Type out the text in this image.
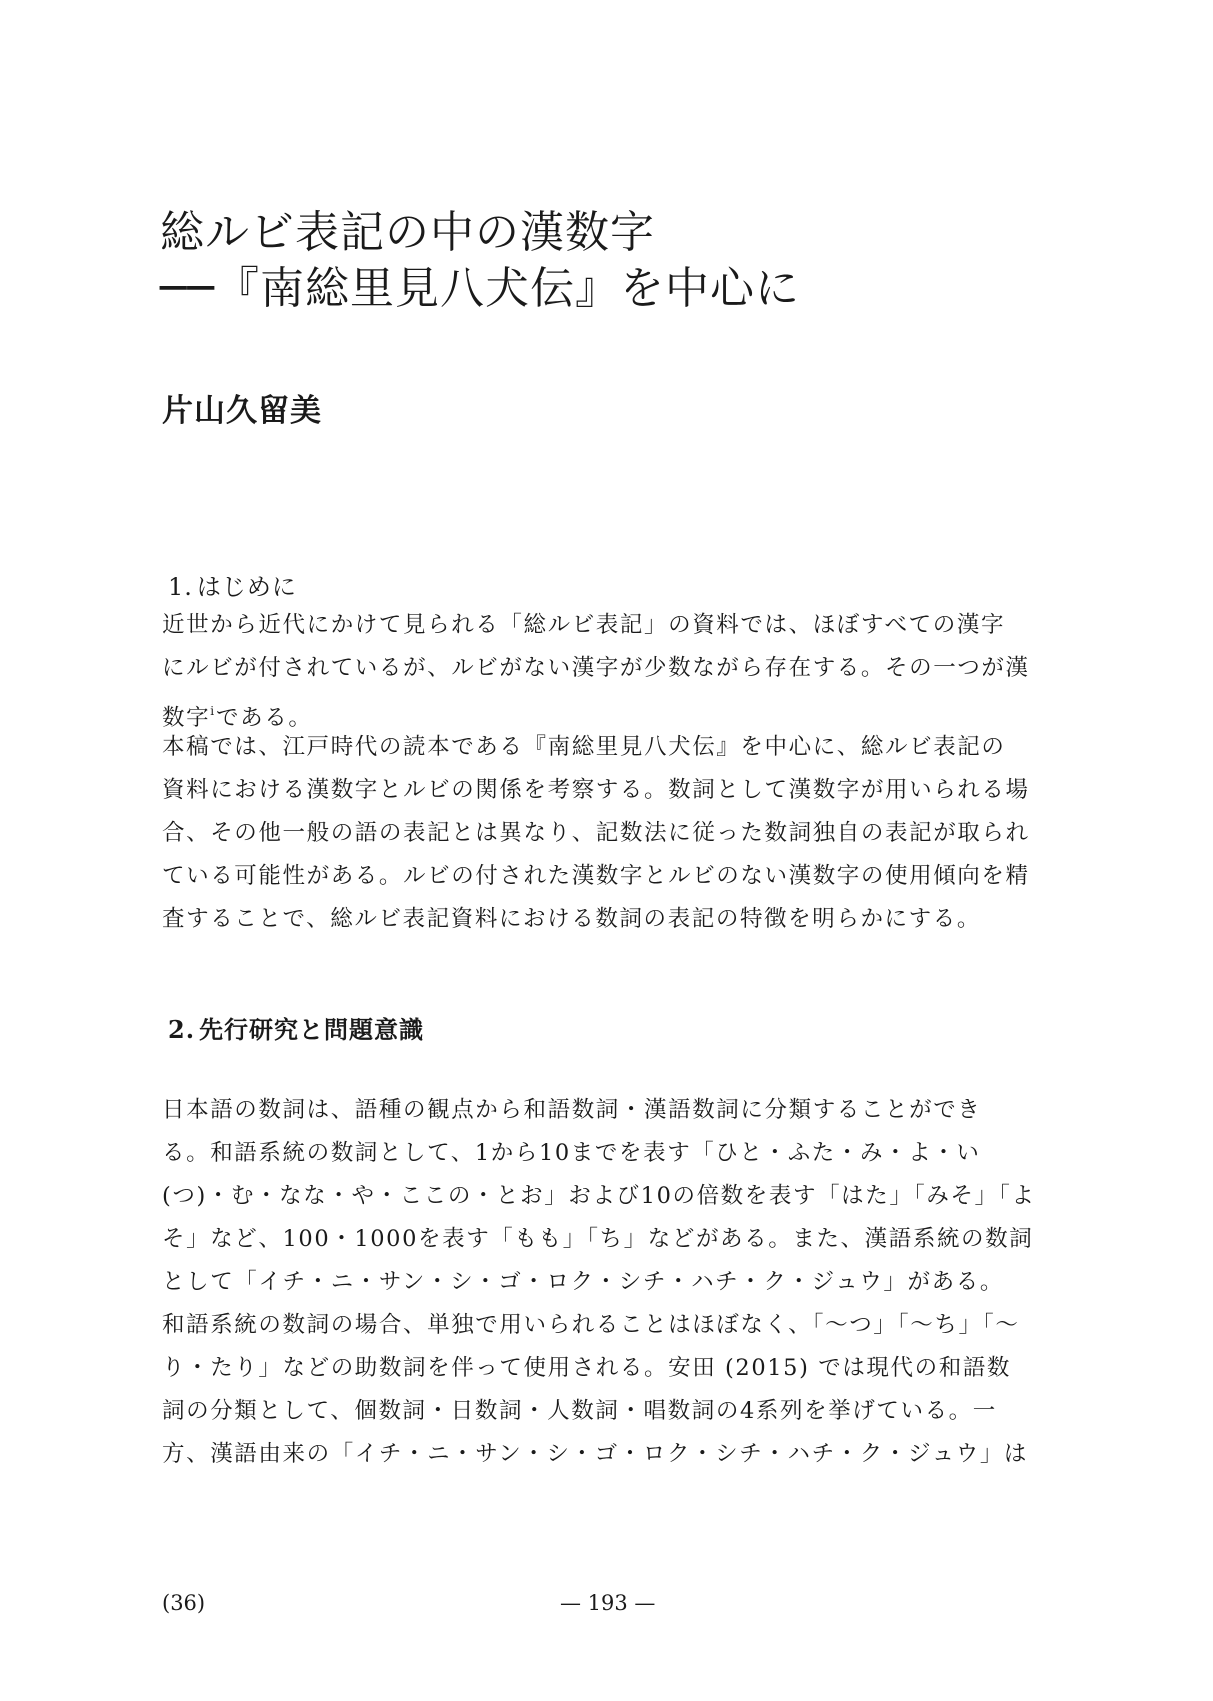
総ルビ表記の中の漢数字
──『南総里見八犬伝』を中心に
片山久留美
1. はじめに

近世から近代にかけて見られる「総ルビ表記」の資料では、ほぼすべての漢字
にルビが付されているが、ルビがない漢字が少数ながら存在する。その一つが漢
数字$^i$である。

本稿では、江戸時代の読本である『南総里見八犬伝』を中心に、総ルビ表記の
資料における漢数字とルビの関係を考察する。数詞として漢数字が用いられる場
合、その他一般の語の表記とは異なり、記数法に従った数詞独自の表記が取られ
ている可能性がある。ルビの付された漢数字とルビのない漢数字の使用傾向を精
査することで、総ルビ表記資料における数詞の表記の特徴を明らかにする。

2. 先行研究と問題意識

日本語の数詞は、語種の観点から和語数詞・漢語数詞に分類することができ
る。和語系統の数詞として、1から10までを表す「ひと・ふた・み・よ・い
(つ)・む・なな・や・ここの・とお」および10の倍数を表す「はた」「みそ」「よ
そ」など、100・1000を表す「もも」「ち」などがある。また、漢語系統の数詞
として「イチ・ニ・サン・シ・ゴ・ロク・シチ・ハチ・ク・ジュウ」がある。
和語系統の数詞の場合、単独で用いられることはほぼなく、「〜つ」「〜ち」「〜
り・たり」などの助数詞を伴って使用される。安田 (2015) では現代の和語数
詞の分類として、個数詞・日数詞・人数詞・唱数詞の4系列を挙げている。一
方、漢語由来の「イチ・ニ・サン・シ・ゴ・ロク・シチ・ハチ・ク・ジュウ」は

(36)	— 193 —
